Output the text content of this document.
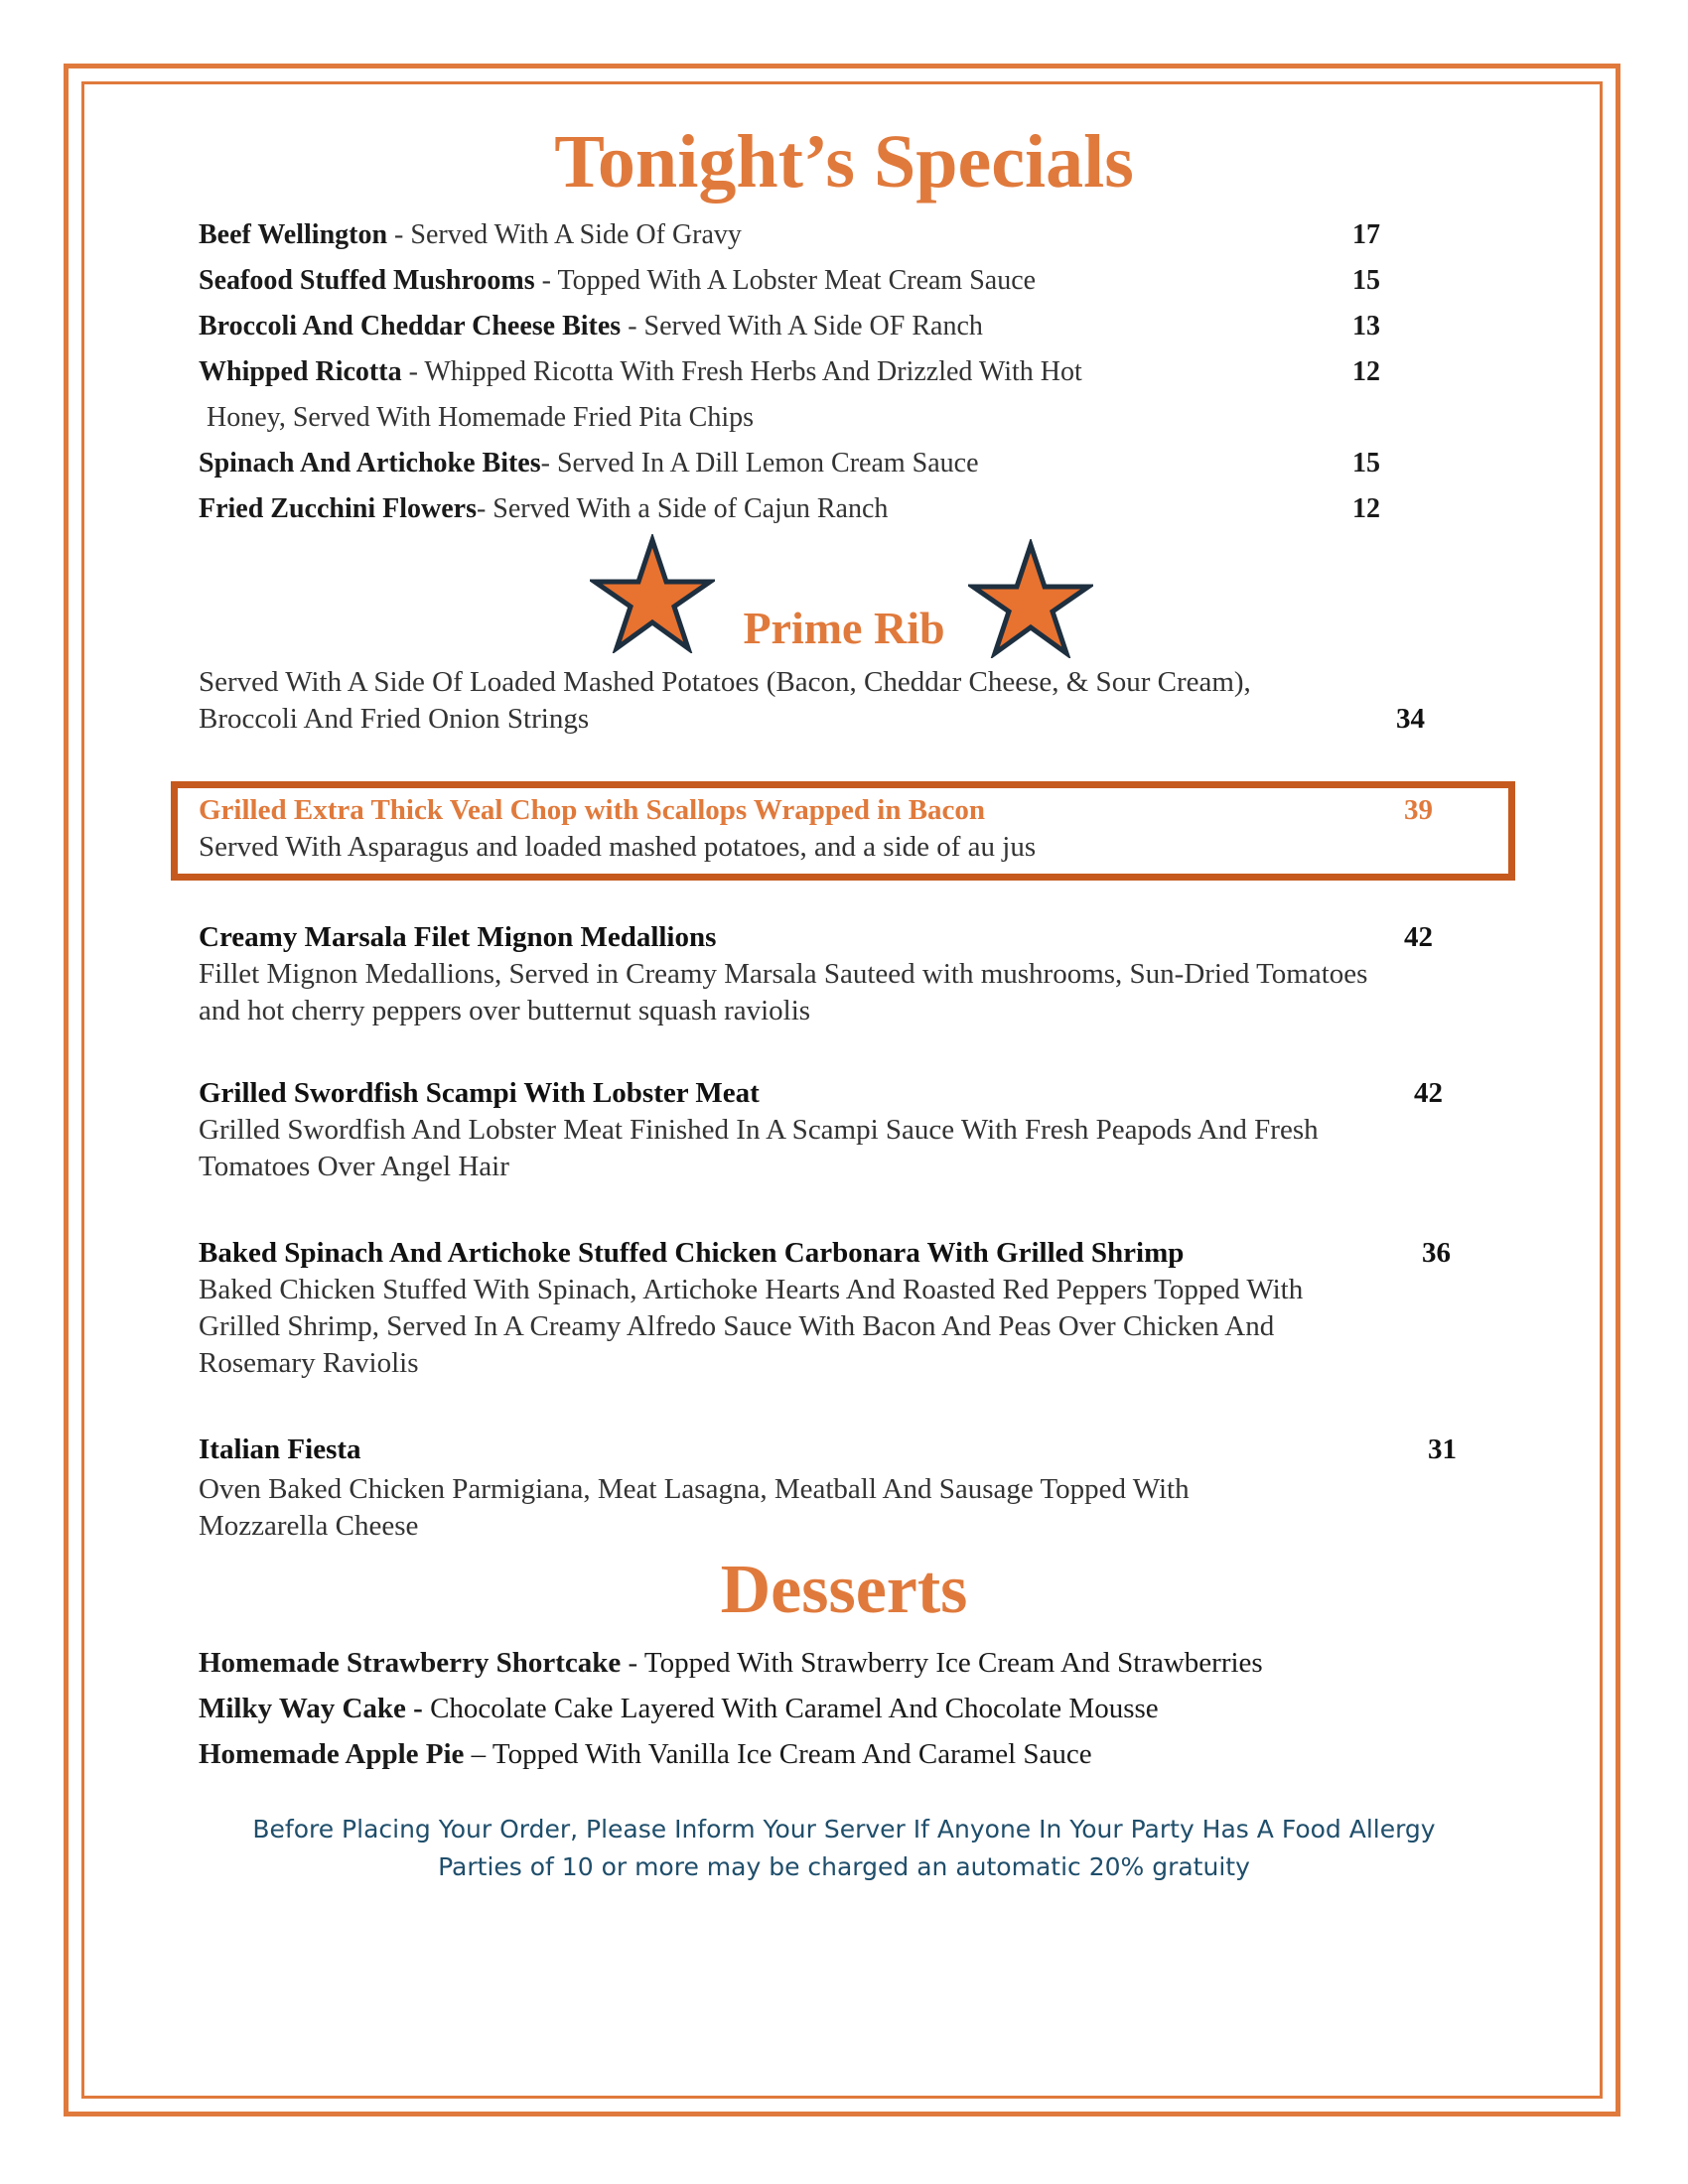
Tonight’s Specials
Beef Wellington - Served With A Side Of Gravy	17
Seafood Stuffed Mushrooms - Topped With A Lobster Meat Cream Sauce	15
Broccoli And Cheddar Cheese Bites - Served With A Side OF Ranch	13
Whipped Ricotta - Whipped Ricotta With Fresh Herbs And Drizzled With Hot	12
Honey, Served With Homemade Fried Pita Chips
Spinach And Artichoke Bites- Served In A Dill Lemon Cream Sauce	15
Fried Zucchini Flowers- Served With a Side of Cajun Ranch	12
Prime Rib
Served With A Side Of Loaded Mashed Potatoes (Bacon, Cheddar Cheese, & Sour Cream),
Broccoli And Fried Onion Strings	34
Grilled Extra Thick Veal Chop with Scallops Wrapped in Bacon
Served With Asparagus and loaded mashed potatoes, and a side of au jus
39
Creamy Marsala Filet Mignon Medallions
Fillet Mignon Medallions, Served in Creamy Marsala Sauteed with mushrooms, Sun-Dried Tomatoes
and hot cherry peppers over butternut squash raviolis
42
Grilled Swordfish Scampi With Lobster Meat
Grilled Swordfish And Lobster Meat Finished In A Scampi Sauce With Fresh Peapods And Fresh
Tomatoes Over Angel Hair
42
Baked Spinach And Artichoke Stuffed Chicken Carbonara With Grilled Shrimp
Baked Chicken Stuffed With Spinach, Artichoke Hearts And Roasted Red Peppers Topped With
Grilled Shrimp, Served In A Creamy Alfredo Sauce With Bacon And Peas Over Chicken And
Rosemary Raviolis
36
Italian Fiesta
Oven Baked Chicken Parmigiana, Meat Lasagna, Meatball And Sausage Topped With
Mozzarella Cheese
31
Desserts
Homemade Strawberry Shortcake - Topped With Strawberry Ice Cream And Strawberries
Milky Way Cake - Chocolate Cake Layered With Caramel And Chocolate Mousse
Homemade Apple Pie – Topped With Vanilla Ice Cream And Caramel Sauce
Before Placing Your Order, Please Inform Your Server If Anyone In Your Party Has A Food Allergy
Parties of 10 or more may be charged an automatic 20% gratuity
